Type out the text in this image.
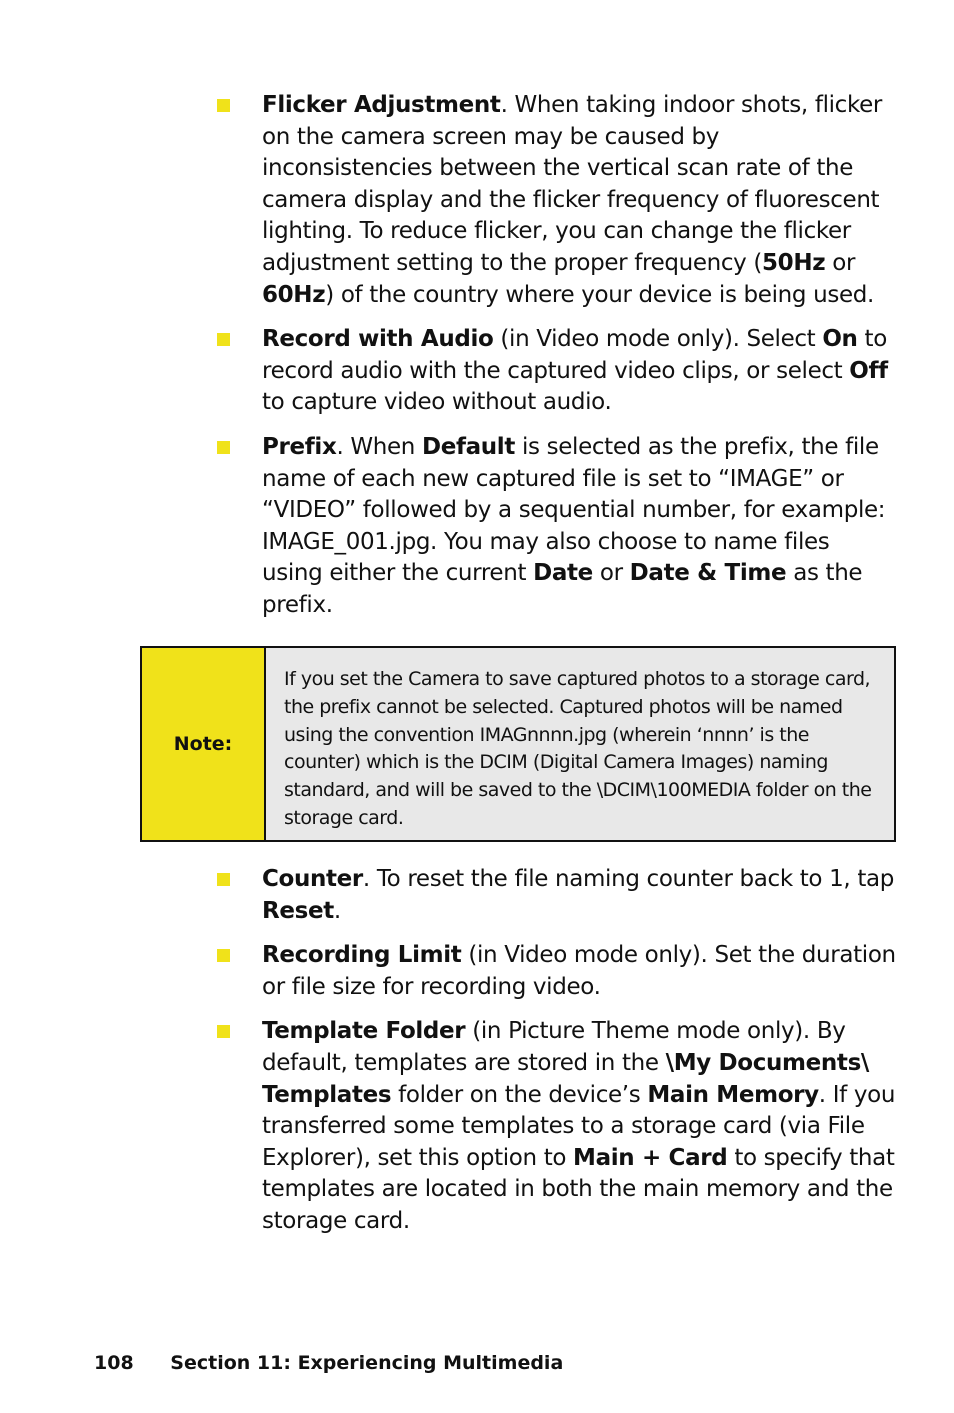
Flicker Adjustment. When taking indoor shots, flicker on the camera screen may be caused by inconsistencies between the vertical scan rate of the camera display and the flicker frequency of fluorescent lighting. To reduce flicker, you can change the flicker adjustment setting to the proper frequency (50Hz or 60Hz) of the country where your device is being used.
Record with Audio (in Video mode only). Select On to record audio with the captured video clips, or select Off to capture video without audio.
Prefix. When Default is selected as the prefix, the file name of each new captured file is set to “IMAGE” or “VIDEO” followed by a sequential number, for example: IMAGE_001.jpg. You may also choose to name files using either the current Date or Date & Time as the prefix.
Note:
If you set the Camera to save captured photos to a storage card, the prefix cannot be selected. Captured photos will be named using the convention IMAGnnnn.jpg (wherein ‘nnnn’ is the counter) which is the DCIM (Digital Camera Images) naming standard, and will be saved to the \DCIM\100MEDIA folder on the storage card.
Counter. To reset the file naming counter back to 1, tap Reset.
Recording Limit (in Video mode only). Set the duration or file size for recording video.
Template Folder (in Picture Theme mode only). By default, templates are stored in the \My Documents\ Templates folder on the device’s Main Memory. If you transferred some templates to a storage card (via File Explorer), set this option to Main + Card to specify that templates are located in both the main memory and the storage card.
108 Section 11: Experiencing Multimedia
